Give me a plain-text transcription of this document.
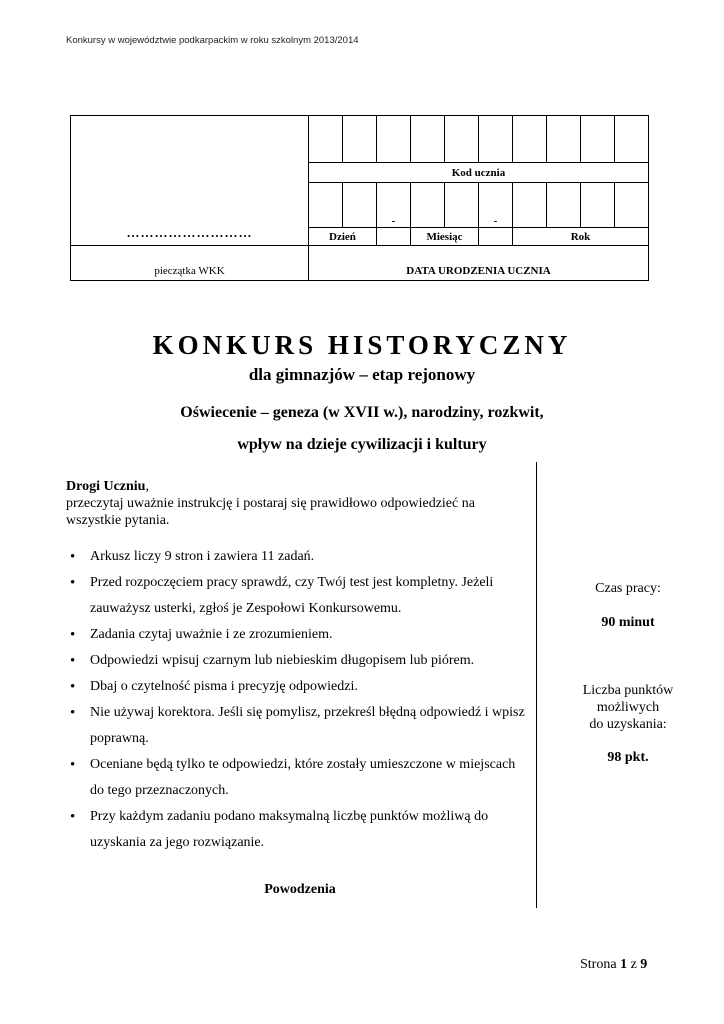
Konkursy w województwie podkarpackim w roku szkolnym 2013/2014
………………………										

	Kod ucznia									
			-			-				
	Dzień			Miesiąc			Rok			
pieczątka WKK	DATA URODZENIA UCZNIA									
KONKURS HISTORYCZNY
dla gimnazjów – etap rejonowy
Oświecenie – geneza (w XVII w.), narodziny, rozkwit,
wpływ na dzieje cywilizacji i kultury
Drogi Uczniu,
przeczytaj uważnie instrukcję i postaraj się prawidłowo odpowiedzieć na wszystkie pytania.
• Arkusz liczy 9 stron i zawiera 11 zadań.
• Przed rozpoczęciem pracy sprawdź, czy Twój test jest kompletny. Jeżeli zauważysz usterki, zgłoś je Zespołowi Konkursowemu.
• Zadania czytaj uważnie i ze zrozumieniem.
• Odpowiedzi wpisuj czarnym lub niebieskim długopisem lub piórem.
• Dbaj o czytelność pisma i precyzję odpowiedzi.
• Nie używaj korektora. Jeśli się pomylisz, przekreśl błędną odpowiedź i wpisz poprawną.
• Oceniane będą tylko te odpowiedzi, które zostały umieszczone w miejscach do tego przeznaczonych.
• Przy każdym zadaniu podano maksymalną liczbę punktów możliwą do uzyskania za jego rozwiązanie.
Powodzenia
Czas pracy:
90 minut
Liczba punktów
możliwych
do uzyskania:
98 pkt.
Strona 1 z 9
